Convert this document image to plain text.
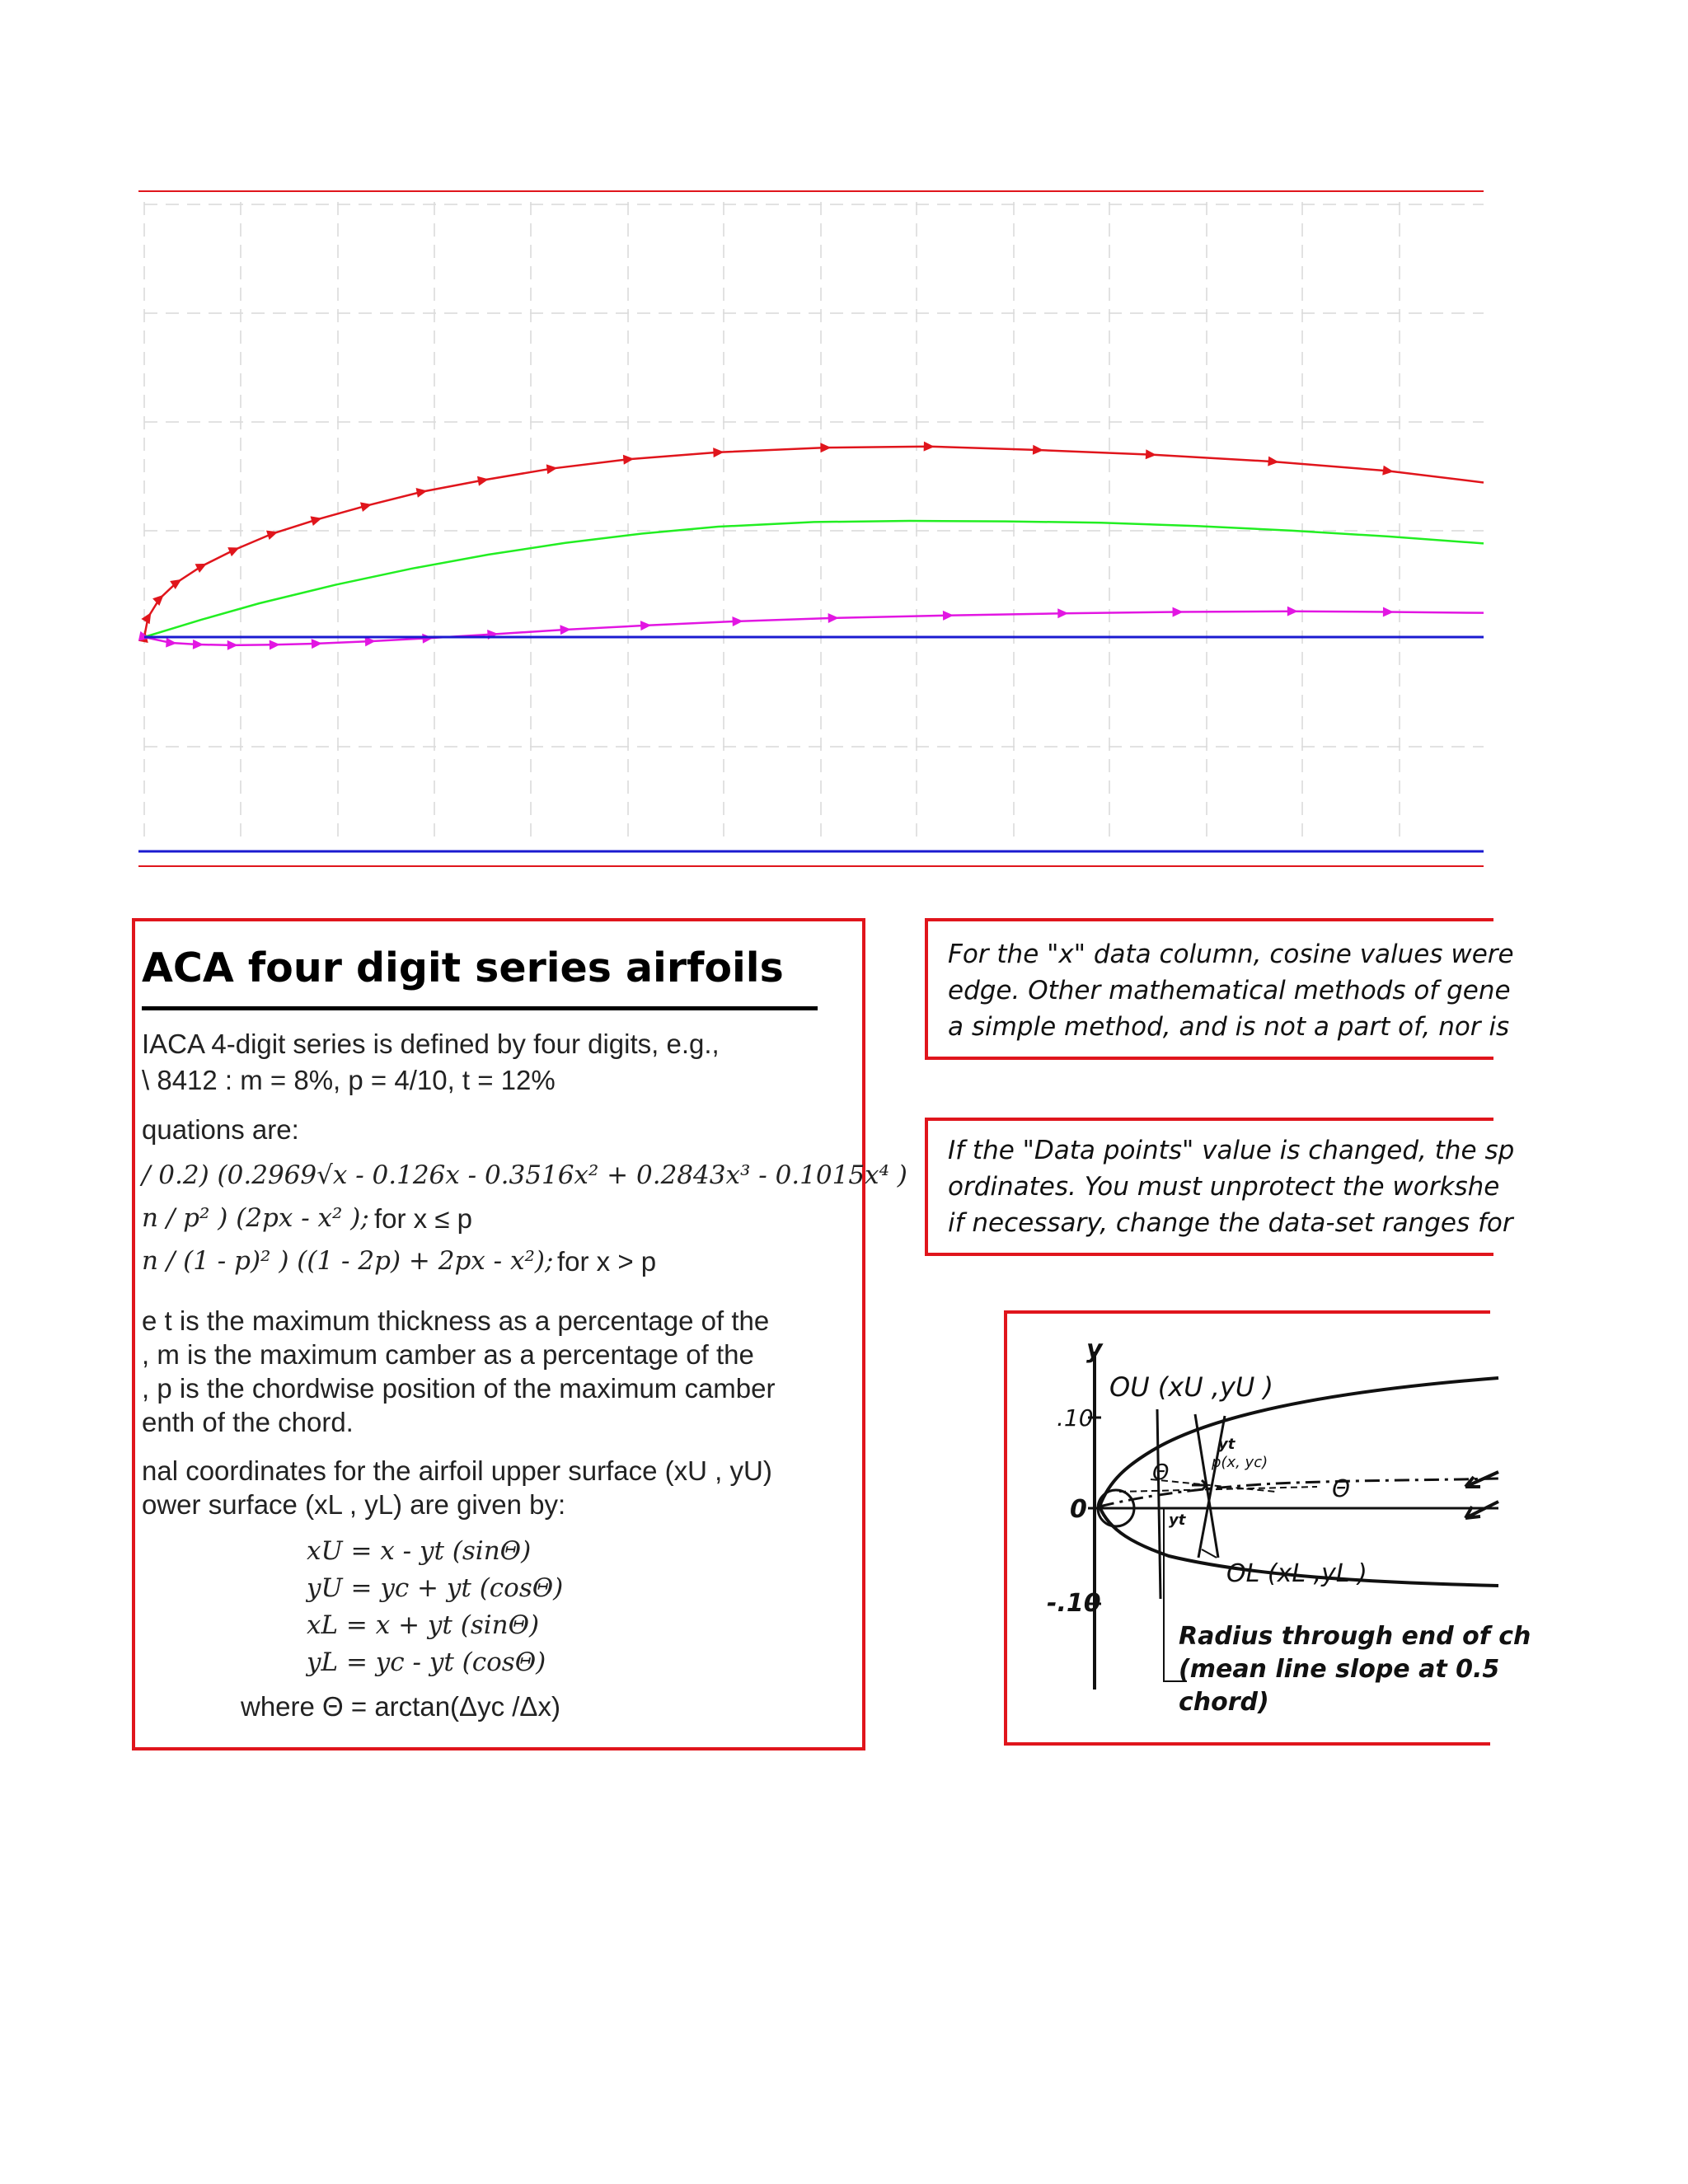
ACA four digit series airfoils
IACA 4-digit series is defined by four digits, e.g.,
\ 8412 : m = 8%, p = 4/10, t = 12%
quations are:
/ 0.2) (0.2969√x - 0.126x - 0.3516x² + 0.2843x³ - 0.1015x⁴ )
n / p² ) (2px - x² ); for x ≤ p
n / (1 - p)² ) ((1 - 2p) + 2px - x²); for x > p
e t is the maximum thickness as a percentage of the
, m is the maximum camber as a percentage of the
, p is the chordwise position of the maximum camber
enth of the chord.
nal coordinates for the airfoil upper surface (xU , yU)
ower surface (xL , yL) are given by:
xU = x - yt (sinΘ)
yU = yc + yt (cosΘ)
xL = x + yt (sinΘ)
yL = yc - yt (cosΘ)
where Θ = arctan(Δyc /Δx)
For the "x" data column, cosine values were
edge. Other mathematical methods of gene
a simple method, and is not a part of, nor is
If the "Data points" value is changed, the sp
ordinates. You must unprotect the workshe
if necessary, change the data-set ranges for
y
.10
0
-.10
OU (xU ,yU )
yt
p(x, yc)
Θ
Θ
yt
OL (xL ,yL )
Radius through end of ch
(mean line slope at 0.5
chord)
